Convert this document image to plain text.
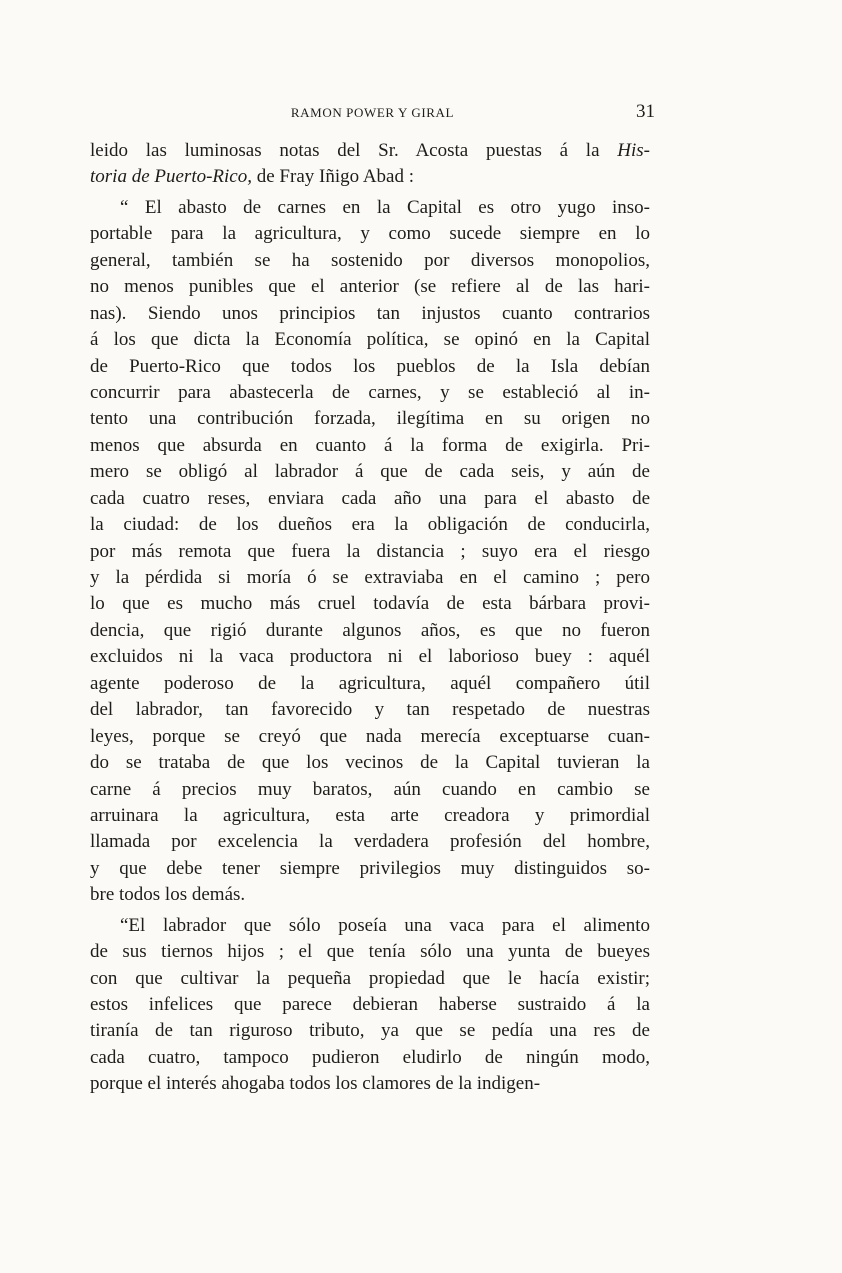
RAMON POWER Y GIRAL	31
leido las luminosas notas del Sr. Acosta puestas á la His-
toria de Puerto-Rico, de Fray Iñigo Abad :
“ El abasto de carnes en la Capital es otro yugo inso-
portable para la agricultura, y como sucede siempre en lo
general, también se ha sostenido por diversos monopolios,
no menos punibles que el anterior (se refiere al de las hari-
nas). Siendo unos principios tan injustos cuanto contrarios
á los que dicta la Economía política, se opinó en la Capital
de Puerto-Rico que todos los pueblos de la Isla debían
concurrir para abastecerla de carnes, y se estableció al in-
tento una contribución forzada, ilegítima en su origen no
menos que absurda en cuanto á la forma de exigirla. Pri-
mero se obligó al labrador á que de cada seis, y aún de
cada cuatro reses, enviara cada año una para el abasto de
la ciudad: de los dueños era la obligación de conducirla,
por más remota que fuera la distancia ; suyo era el riesgo
y la pérdida si moría ó se extraviaba en el camino ; pero
lo que es mucho más cruel todavía de esta bárbara provi-
dencia, que rigió durante algunos años, es que no fueron
excluidos ni la vaca productora ni el laborioso buey : aquél
agente poderoso de la agricultura, aquél compañero útil
del labrador, tan favorecido y tan respetado de nuestras
leyes, porque se creyó que nada merecía exceptuarse cuan-
do se trataba de que los vecinos de la Capital tuvieran la
carne á precios muy baratos, aún cuando en cambio se
arruinara la agricultura, esta arte creadora y primordial
llamada por excelencia la verdadera profesión del hombre,
y que debe tener siempre privilegios muy distinguidos so-
bre todos los demás.
“El labrador que sólo poseía una vaca para el alimento
de sus tiernos hijos ; el que tenía sólo una yunta de bueyes
con que cultivar la pequeña propiedad que le hacía existir;
estos infelices que parece debieran haberse sustraido á la
tiranía de tan riguroso tributo, ya que se pedía una res de
cada cuatro, tampoco pudieron eludirlo de ningún modo,
porque el interés ahogaba todos los clamores de la indigen-
